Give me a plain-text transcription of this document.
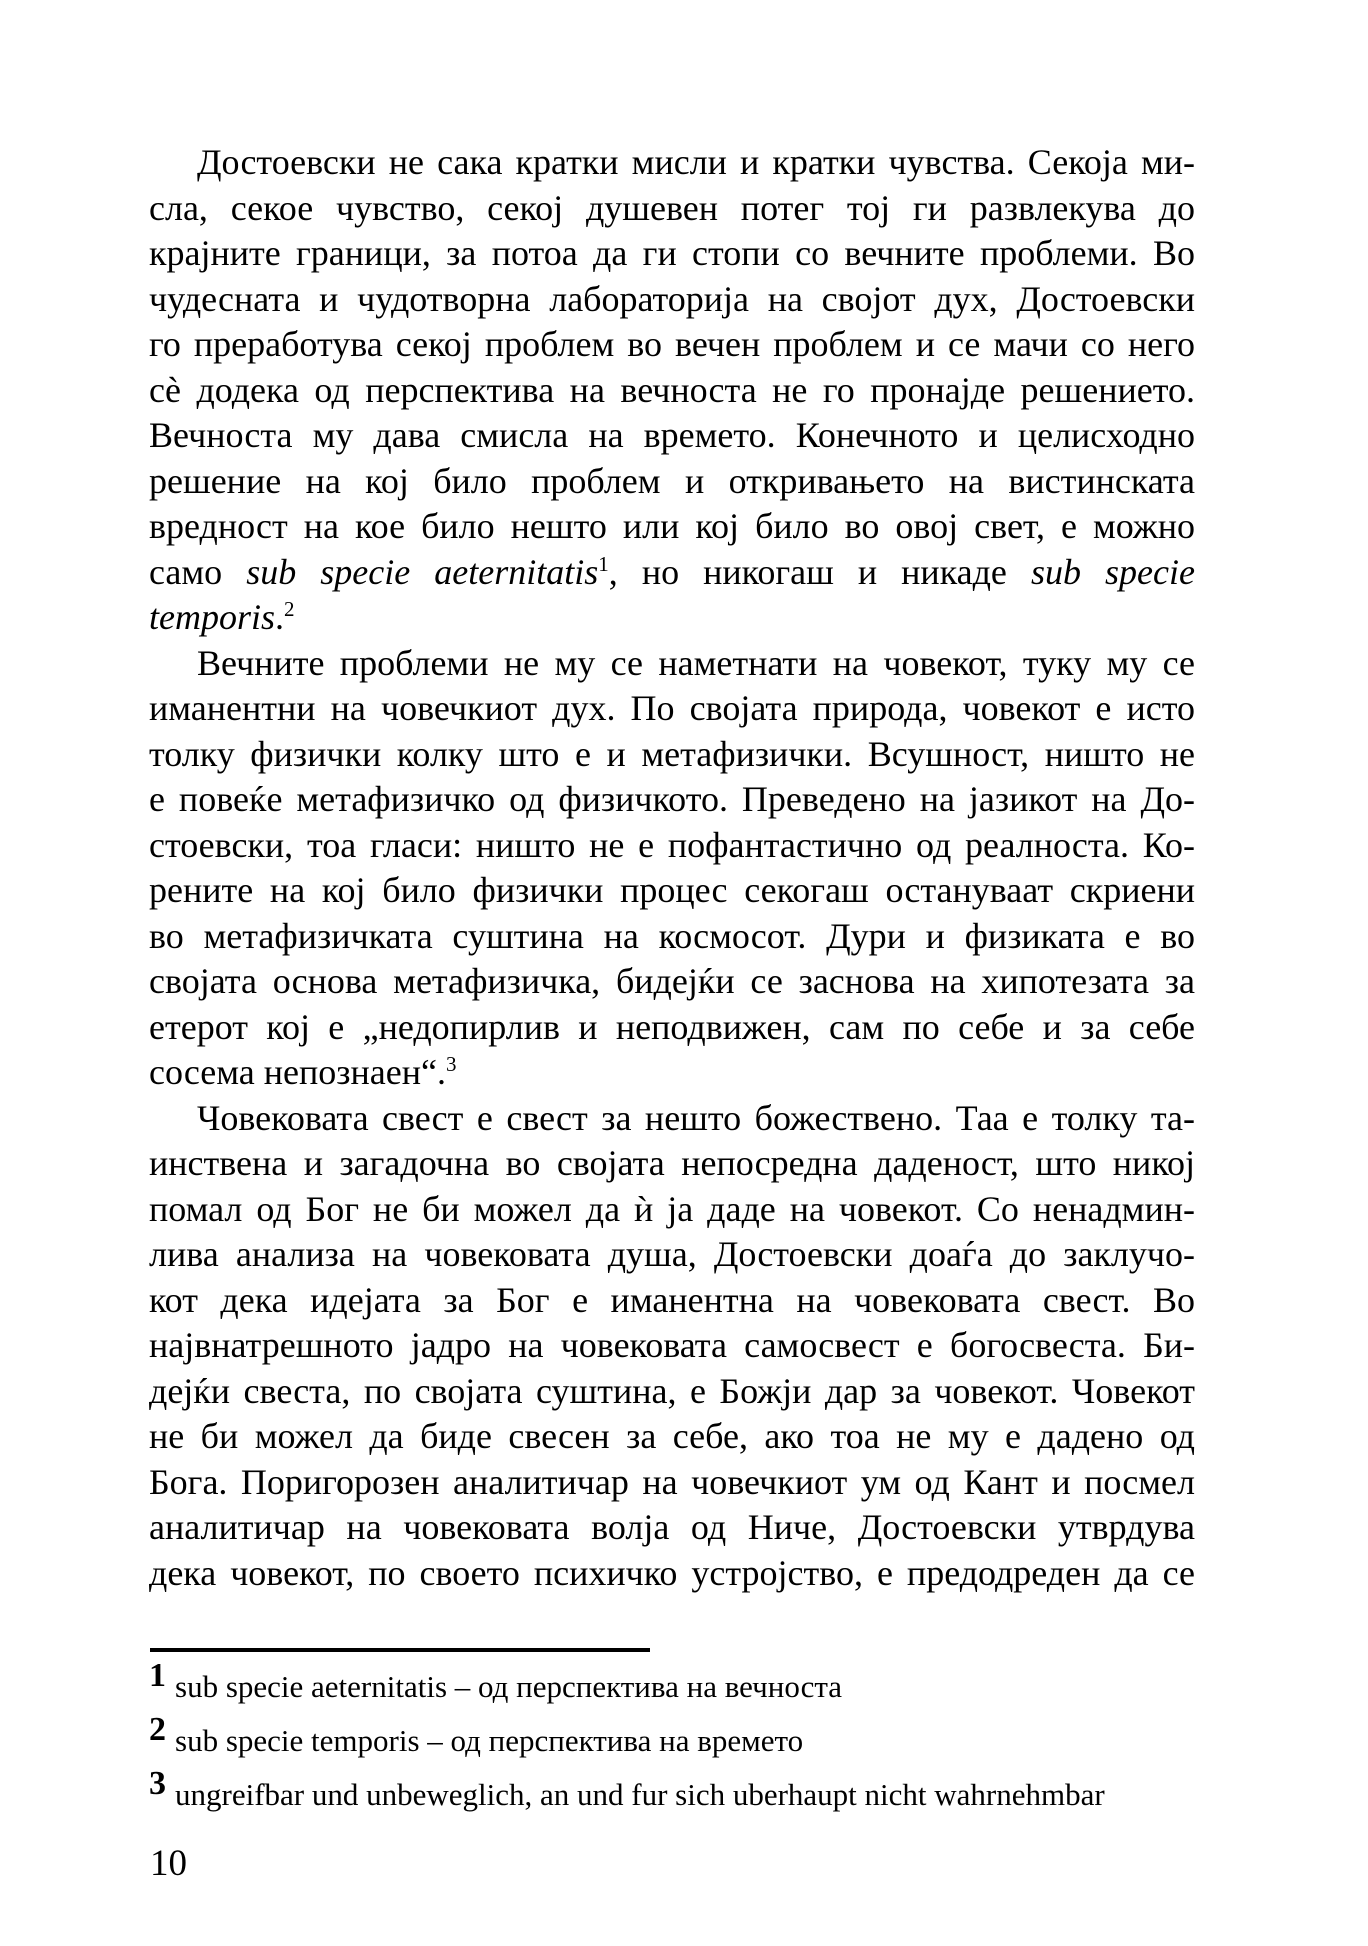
Достоевски не сака кратки мисли и кратки чувства. Секоја ми-
сла, секое чувство, секој душевен потег тој ги развлекува до
крајните граници, за потоа да ги стопи со вечните проблеми. Во
чудесната и чудотворна лабораторија на својот дух, Достоевски
го преработува секој проблем во вечен проблем и се мачи со него
сѐ додека од перспектива на вечноста не го пронајде решението.
Вечноста му дава смисла на времето. Конечното и целисходно
решение на кој било проблем и откривањето на вистинската
вредност на кое било нешто или кој било во овој свет, е можно
само sub specie aeternitatis$^1$, но никогаш и никаде sub specie
temporis.$^2$
Вечните проблеми не му се наметнати на човекот, туку му се
иманентни на човечкиот дух. По својата природа, човекот е исто
толку физички колку што е и метафизички. Всушност, ништо не
е повеќе метафизичко од физичкото. Преведено на јазикот на До-
стоевски, тоа гласи: ништо не е пофантастично од реалноста. Ко-
рените на кој било физички процес секогаш остануваат скриени
во метафизичката суштина на космосот. Дури и физиката е во
својата основа метафизичка, бидејќи се заснова на хипотезата за
етерот кој е „недопирлив и неподвижен, сам по себе и за себе
сосема непознаен“.$^3$
Човековата свест е свест за нешто божествено. Таа е толку та-
инствена и загадочна во својата непосредна даденост, што никој
помал од Бог не би можел да ѝ ја даде на човекот. Со ненадмин-
лива анализа на човековата душа, Достоевски доаѓа до заклучо-
кот дека идејата за Бог е иманентна на човековата свест. Во
највнатрешното јадро на човековата самосвест е богосвеста. Би-
дејќи свеста, по својата суштина, е Божји дар за човекот. Човекот
не би можел да биде свесен за себе, ако тоа не му е дадено од
Бога. Поригорозен аналитичар на човечкиот ум од Кант и посмел
аналитичар на човековата волја од Ниче, Достоевски утврдува
дека човекот, по своето психичко устројство, е предодреден да се
1 sub specie aeternitatis – од перспектива на вечноста
2 sub specie temporis – од перспектива на времето
3 ungreifbar und unbeweglich, an und fur sich uberhaupt nicht wahrnehmbar
10
